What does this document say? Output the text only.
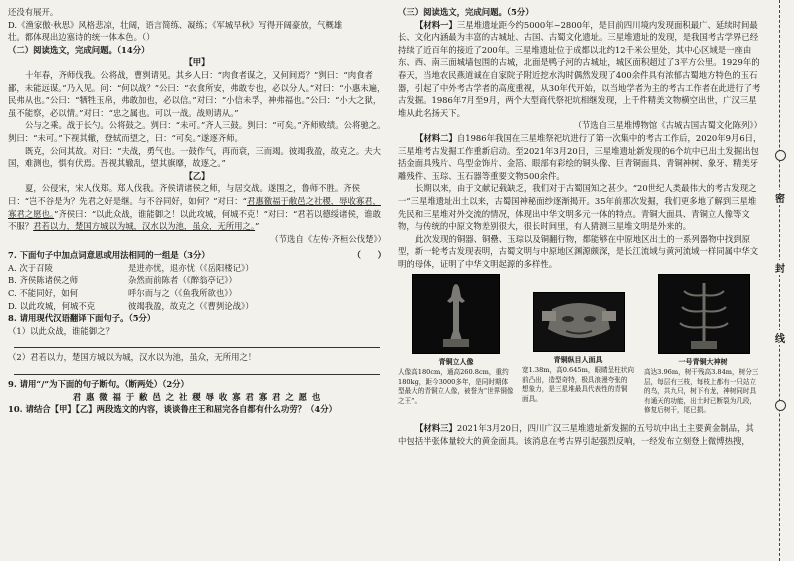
还没有展开。

D.《渔家傲·秋思》风格悲凉，壮阔，语言简练、凝练；《军城早秋》写得开阔豪放，气概雄

壮。都体现出边塞诗的统一体本色。（）

（二）阅读选文，完成问题。（14分）

【甲】

十年春，齐师伐我。公将战，曹刿请见。其乡人曰：“肉食者谋之，又何间焉？”刿曰：“肉食者鄙，未能远谋。”乃入见。问：“何以战？”公曰：“衣食所安，弗敢专也，必以分人。”对曰：“小惠未遍，民弗从也。”公曰：“牺牲玉帛，弗敢加也，必以信。”对曰：“小信未孚，神弗福也。”公曰：“小大之狱，虽不能察，必以情。”对曰：“忠之属也。可以一战。战则请从。”

公与之乘。战于长勺。公将鼓之。刿曰：“未可。”齐人三鼓。刿曰：“可矣。”齐师败绩。公将驰之。刿曰：“未可。”下视其辙，登轼而望之，曰：“可矣。”遂逐齐师。

既克，公问其故。对曰：“夫战，勇气也。一鼓作气，再而衰，三而竭。彼竭我盈，故克之。夫大国，难测也，惧有伏焉。吾视其辙乱，望其旗靡，故逐之。”

【乙】

夏，公侵宋，宋人伐郑。郑人伐我。齐侯请诸侯之师，与居交战。遂围之，鲁师不胜。齐侯曰：“岂不谷是为？先君之好是继。与不谷同好，如何？”对曰：“君惠徼福于敝邑之社稷，辱收寡君，寡君之愿也。”齐侯曰：“以此众战，谁能御之！以此攻城，何城不克！”对曰：“君若以德绥诸侯，谁敢不服？君若以力，楚国方城以为城，汉水以为池，虽众，无所用之。”

（节选自《左传·齐桓公伐楚》）

7. 下面句子中加点词意思或用法相同的一组是（3分）	（　　）

A. 次于召陵	是进亦忧，退亦忧（《岳阳楼记》）

B. 齐侯陈诸侯之师	杂然而前陈者（《醉翁亭记》）

C. 不能同好，如何	呼尔而与之（《鱼我所欲也》）

D. 以此攻城，何城不克	彼竭我盈，故克之（《曹刿论战》）

8. 请用现代汉语翻译下面句子。（5分）

（1）以此众战，谁能御之？

（2）君若以力，楚国方城以为城，汉水以为池，虽众，无所用之！

9. 请用“/”为下面的句子断句。（断两处）（2分）

君 惠 微 福 于 敝 邑 之 社 稷 辱 收 寡 君 寡 君 之 愿 也

10. 请结合【甲】【乙】两段选文的内容，谈谈鲁庄王和屈完各自都有什么功劳？（4分）

（三）阅读选文，完成问题。（5分）

【材料一】三星堆遗址距今约5000年~2800年，是目前四川境内发现面积最广、延续时间最长、文化内涵最为丰富的古城址、古国、古蜀文化遗址。三星堆遗址的发现，是我国考古学界已经持续了近百年的接近了200年。三星堆遗址位于成都以北约12千米公里处，其中心区域是一座由东、西、南三面城墙包围的古城，北面是鸭子河的古城址，城区面积超过了3平方公里。1929年的春天，当地农民燕道诚在自家院子附近挖水沟时偶然发现了400余件具有浓郁古蜀地方特色的玉石器，引起了中外考古学者的高度重视，从30年代开始，以当地学者为主的考古工作者在此进行了考古发掘。1986年7月至9月，两个大型商代祭祀坑相继发现，上千件精美文物横空出世，广汉三星堆从此名扬天下。

（节选自三星堆博物馆《古城古国古蜀文化陈列》）

【材料二】自1986年我国在三星堆祭祀坑进行了第一次集中的考古工作后，2020年9月6日，三星堆考古发掘工作重新启动。至2021年3月20日，三星堆遗址新发现的6个坑中已出土发掘出包括金面具残片、鸟型金饰片、金箔、眼部有彩绘的铜头像、巨青铜面具、青铜神树、象牙、精美牙雕残件、玉琮、玉石器等重要文物500余件。

长期以来，由于文献记载缺乏，我们对于古蜀国知之甚少。“20世纪人类最伟大的考古发现之一”三星堆遗址出土以来，古蜀国神秘面纱逐渐揭开。35年前那次发掘，我们更多地了解到三星堆先民和三星堆对外交流的情况，体现出中华文明多元一体的特点。青铜大面具、青铜立人像等文物，与传统的中原文物差别很大，很长时间里，有人猜测三星堆文明是外来的。

此次发现的铜器、铜罍、玉琮以及铜翻行物，都能够在中原地区出土的一系列器物中找到原型，新一轮考古发现表明，古蜀文明与中原地区渊源颇深，是长江流域与黄河流域一样同属中华文明的母体，证明了中华文明起源的多样性。

青铜立人像
人像高180cm，通高260.8cm，重约180kg，距今3000多年，是同时期体型最大的青铜立人像，被誉为“世界铜像之王”。
青铜纵目人面具
宽1.38m，高0.645m，眼睛呈柱状向前凸出，造型奇特，极具浪漫夸张的想象力，是三星堆最具代表性的青铜面具。
一号青铜大神树
高达3.96m，树干残高3.84m，树分三层，每层有三枝，每枝上都有一只站立的鸟，共九只，树下有龙，神树同时具有通天的功能，出土时已断裂为几段，修复后树干，尾已损。

【材料三】2021年3月20日，四川广汉三星堆遗址新发掘的五号坑中出土主要黄金制品，其中包括半张体量较大的黄金面具。该消息在考古界引起强烈反响，一经发布立刻登上微博热搜，

密
封
线
